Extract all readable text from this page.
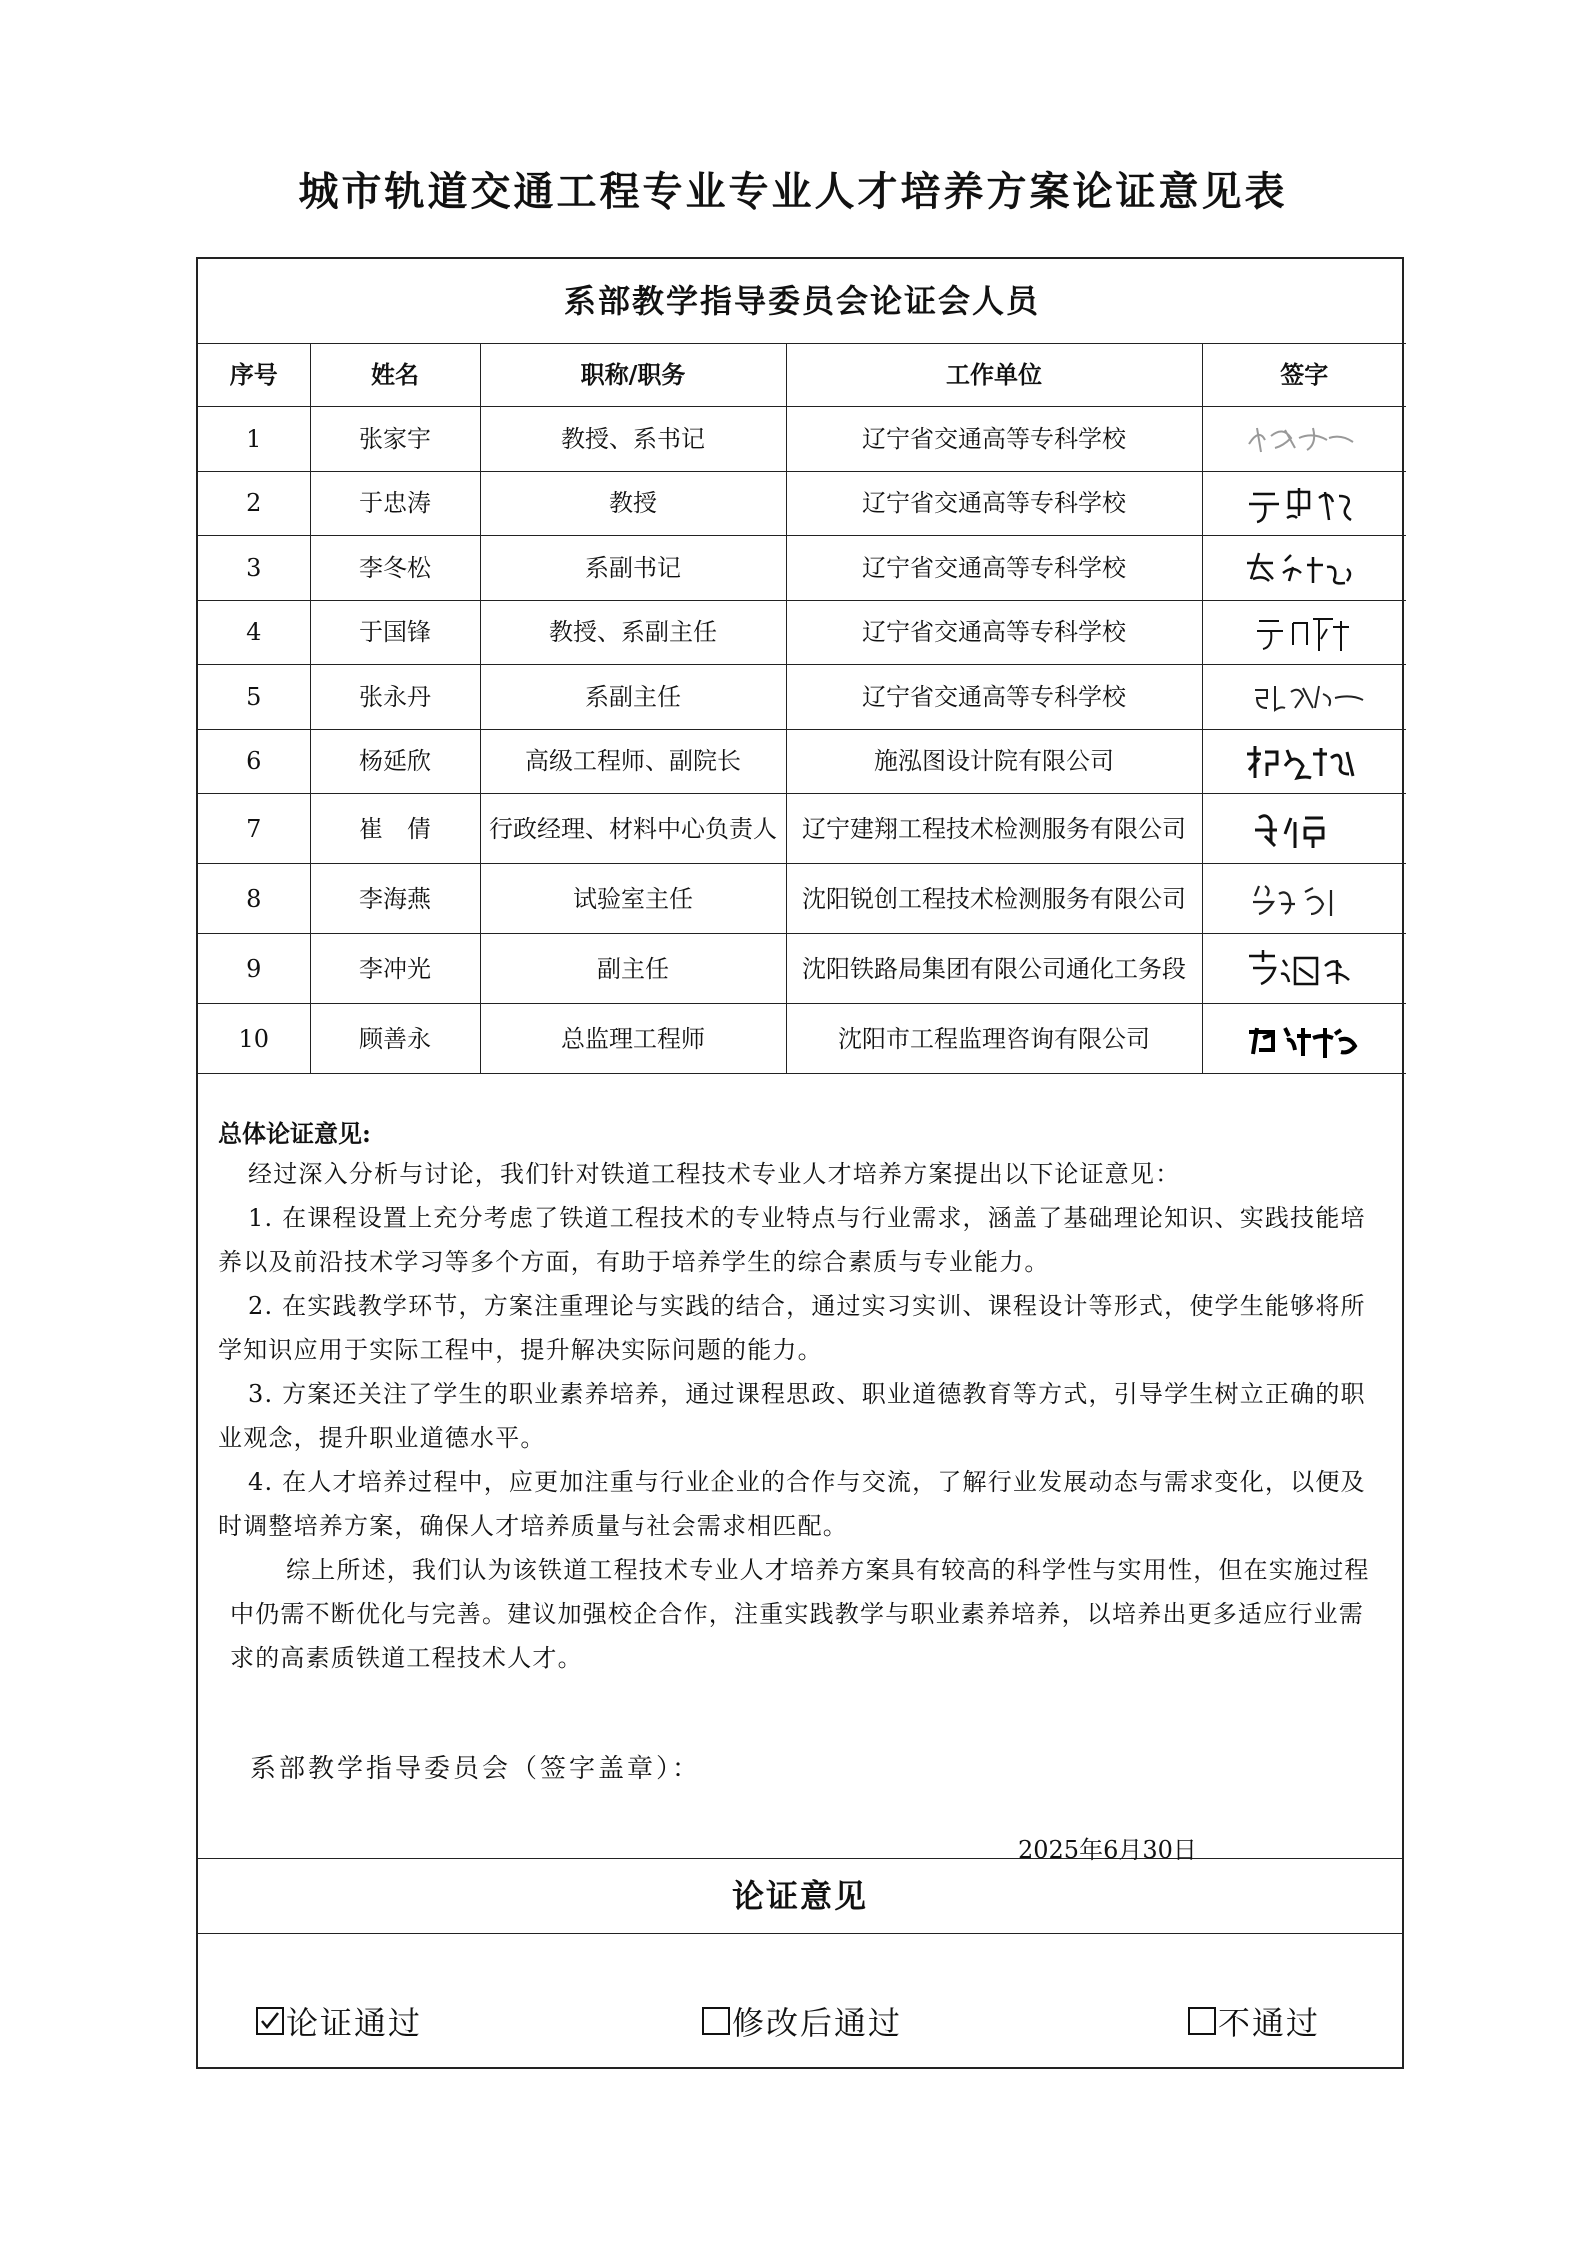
城市轨道交通工程专业专业人才培养方案论证意见表
系部教学指导委员会论证会人员				
序号	姓名	职称/职务	工作单位	签字
1	张家宇	教授、系书记	辽宁省交通高等专科学校	

2	于忠涛	教授	辽宁省交通高等专科学校	

3	李冬松	系副书记	辽宁省交通高等专科学校	

4	于国锋	教授、系副主任	辽宁省交通高等专科学校	

5	张永丹	系副主任	辽宁省交通高等专科学校	

6	杨延欣	高级工程师、副院长	施泓图设计院有限公司	

7	崔　倩	行政经理、材料中心负责人	辽宁建翔工程技术检测服务有限公司	

8	李海燕	试验室主任	沈阳锐创工程技术检测服务有限公司	

9	李冲光	副主任	沈阳铁路局集团有限公司通化工务段	

10	顾善永	总监理工程师	沈阳市工程监理咨询有限公司	

总体论证意见:
经过深入分析与讨论，我们针对铁道工程技术专业人才培养方案提出以下论证意见：
1. 在课程设置上充分考虑了铁道工程技术的专业特点与行业需求，涵盖了基础理论知识、实践技能培养以及前沿技术学习等多个方面，有助于培养学生的综合素质与专业能力。
2. 在实践教学环节，方案注重理论与实践的结合，通过实习实训、课程设计等形式，使学生能够将所学知识应用于实际工程中，提升解决实际问题的能力。
3. 方案还关注了学生的职业素养培养，通过课程思政、职业道德教育等方式，引导学生树立正确的职业观念，提升职业道德水平。
4. 在人才培养过程中，应更加注重与行业企业的合作与交流，了解行业发展动态与需求变化，以便及时调整培养方案，确保人才培养质量与社会需求相匹配。
综上所述，我们认为该铁道工程技术专业人才培养方案具有较高的科学性与实用性，但在实施过程中仍需不断优化与完善。建议加强校企合作，注重实践教学与职业素养培养，以培养出更多适应行业需求的高素质铁道工程技术人才。
系部教学指导委员会（签字盖章）：
2025年6月30日
论证意见
论证通过	修改后通过	不通过
